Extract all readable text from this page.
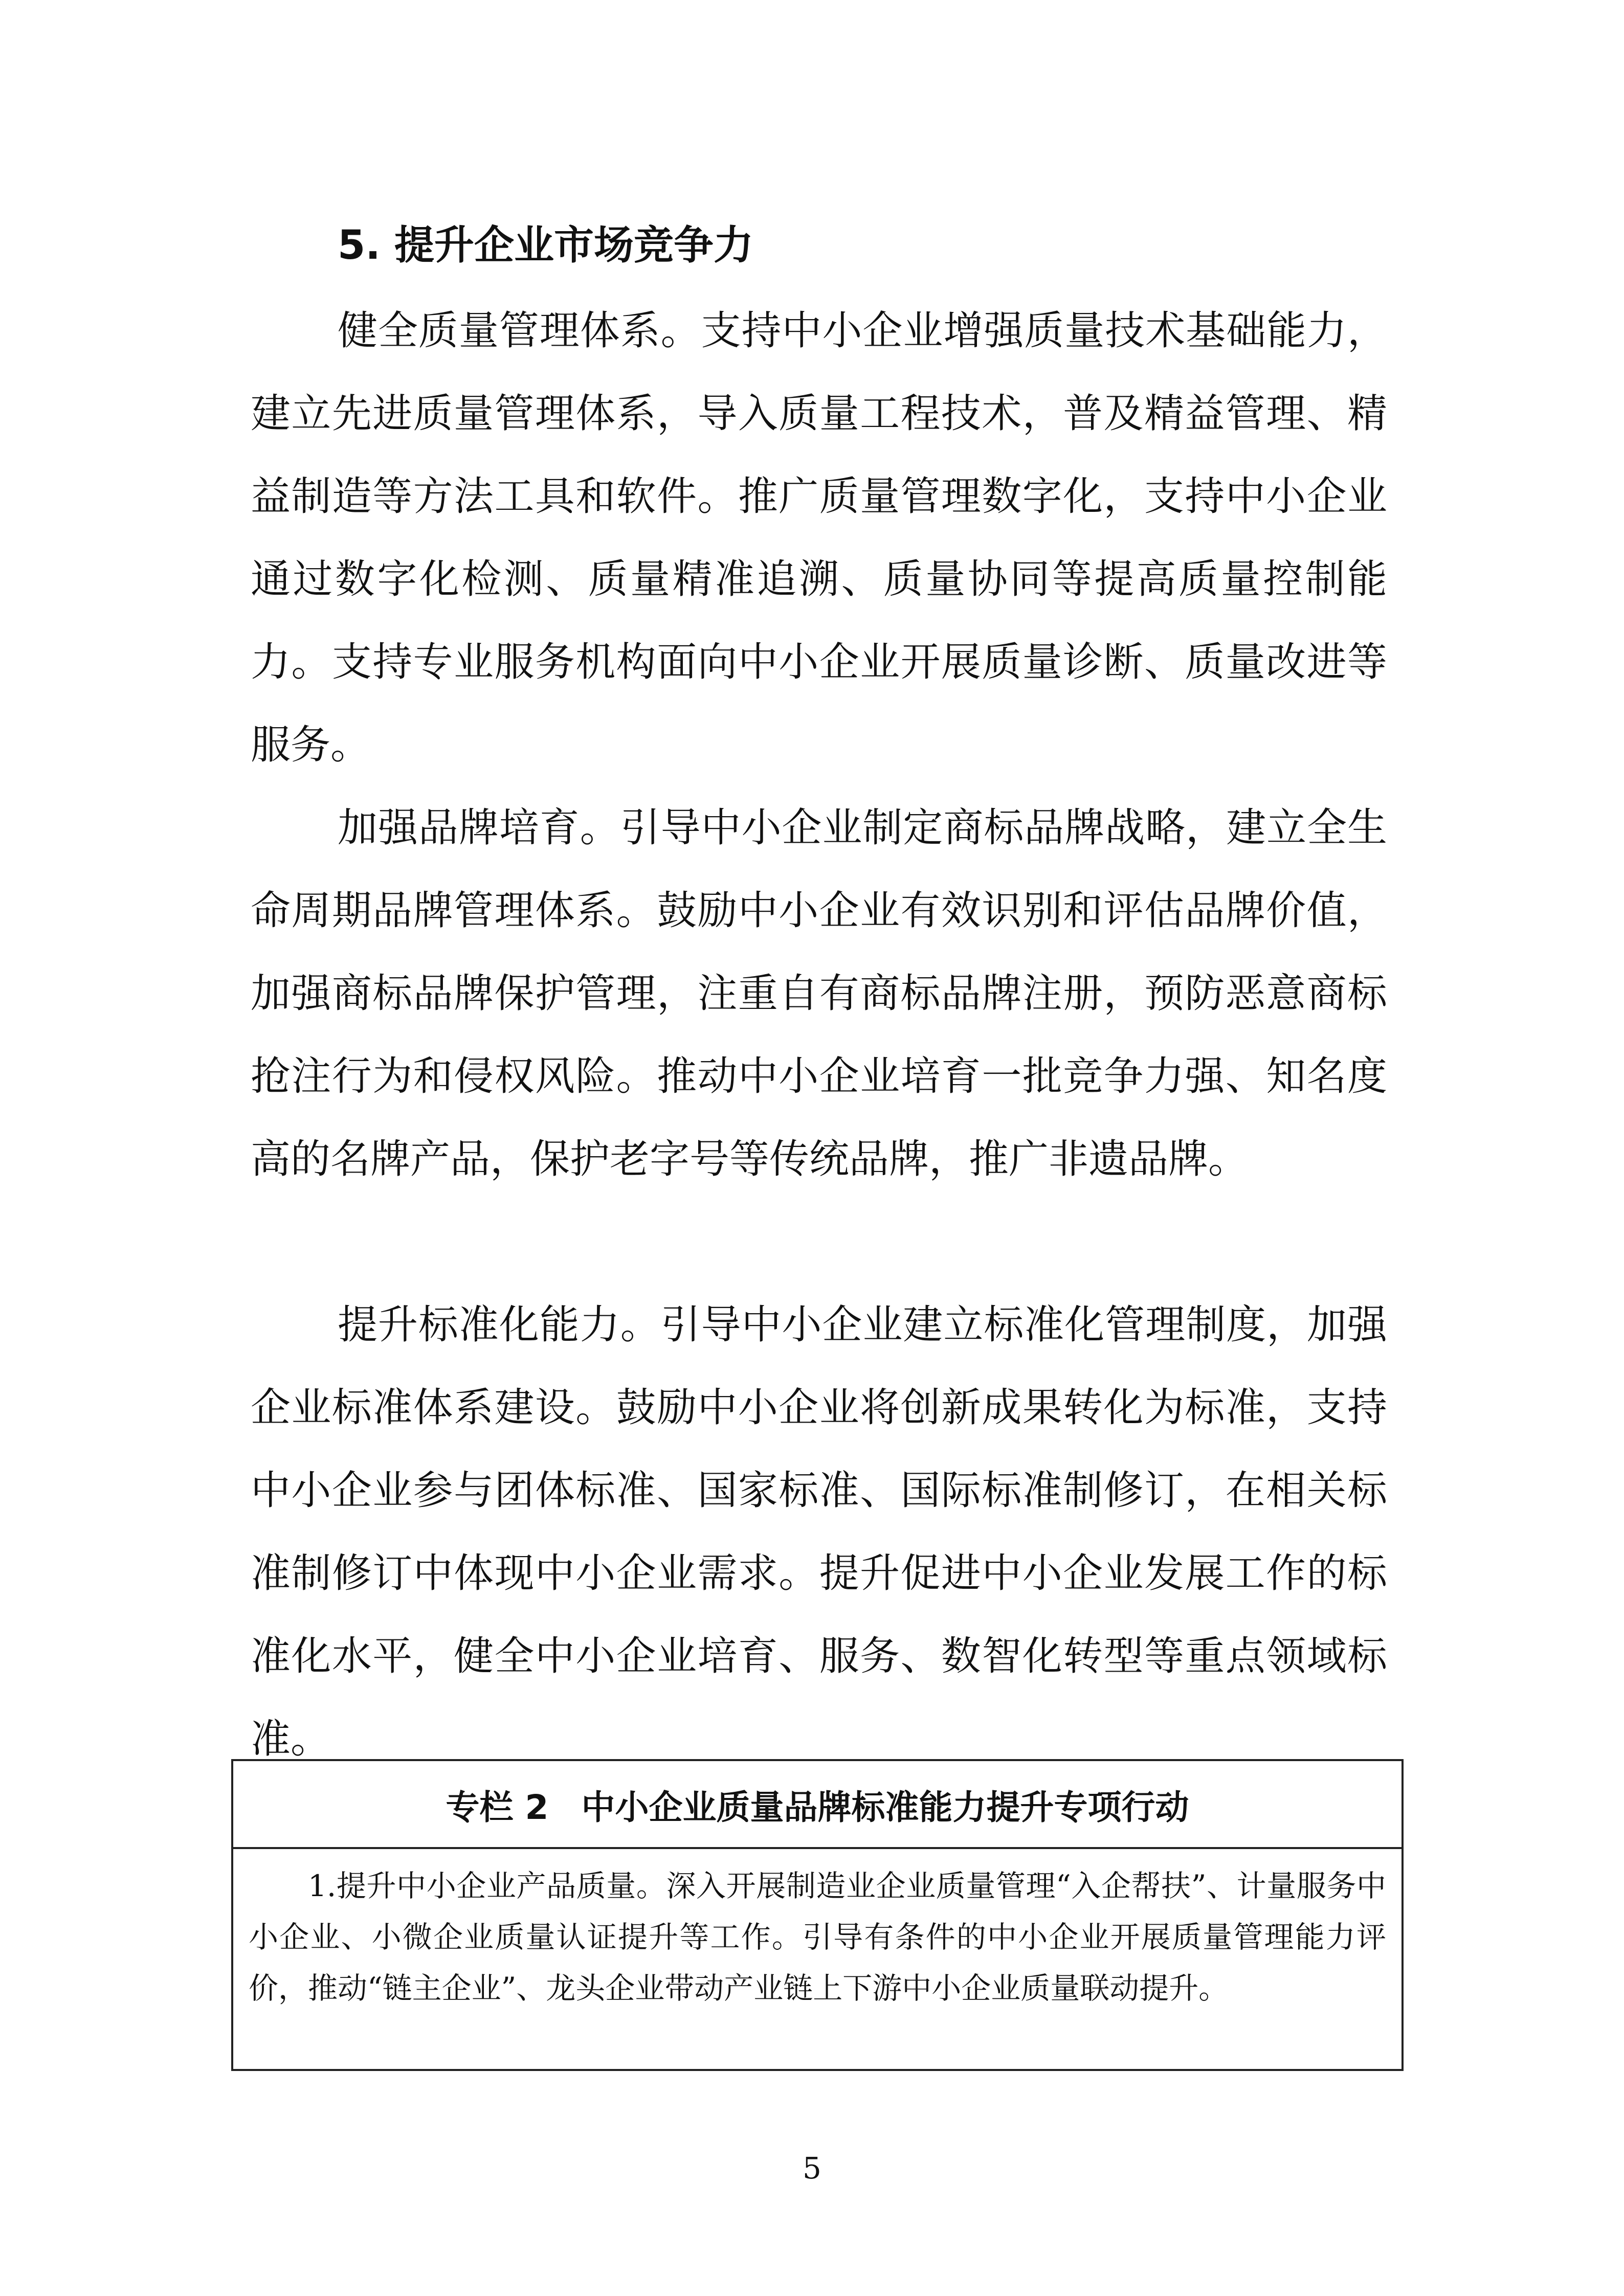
5. 提升企业市场竞争力

健全质量管理体系。支持中小企业增强质量技术基础能力，建立先进质量管理体系，导入质量工程技术，普及精益管理、精益制造等方法工具和软件。推广质量管理数字化，支持中小企业通过数字化检测、质量精准追溯、质量协同等提高质量控制能力。支持专业服务机构面向中小企业开展质量诊断、质量改进等服务。

加强品牌培育。引导中小企业制定商标品牌战略，建立全生命周期品牌管理体系。鼓励中小企业有效识别和评估品牌价值，加强商标品牌保护管理，注重自有商标品牌注册，预防恶意商标抢注行为和侵权风险。推动中小企业培育一批竞争力强、知名度高的名牌产品，保护老字号等传统品牌，推广非遗品牌。

提升标准化能力。引导中小企业建立标准化管理制度，加强企业标准体系建设。鼓励中小企业将创新成果转化为标准，支持中小企业参与团体标准、国家标准、国际标准制修订，在相关标准制修订中体现中小企业需求。提升促进中小企业发展工作的标准化水平，健全中小企业培育、服务、数智化转型等重点领域标准。

专栏 2 中小企业质量品牌标准能力提升专项行动

1.提升中小企业产品质量。深入开展制造业企业质量管理“入企帮扶”、计量服务中小企业、小微企业质量认证提升等工作。引导有条件的中小企业开展质量管理能力评价，推动“链主企业”、龙头企业带动产业链上下游中小企业质量联动提升。

5
